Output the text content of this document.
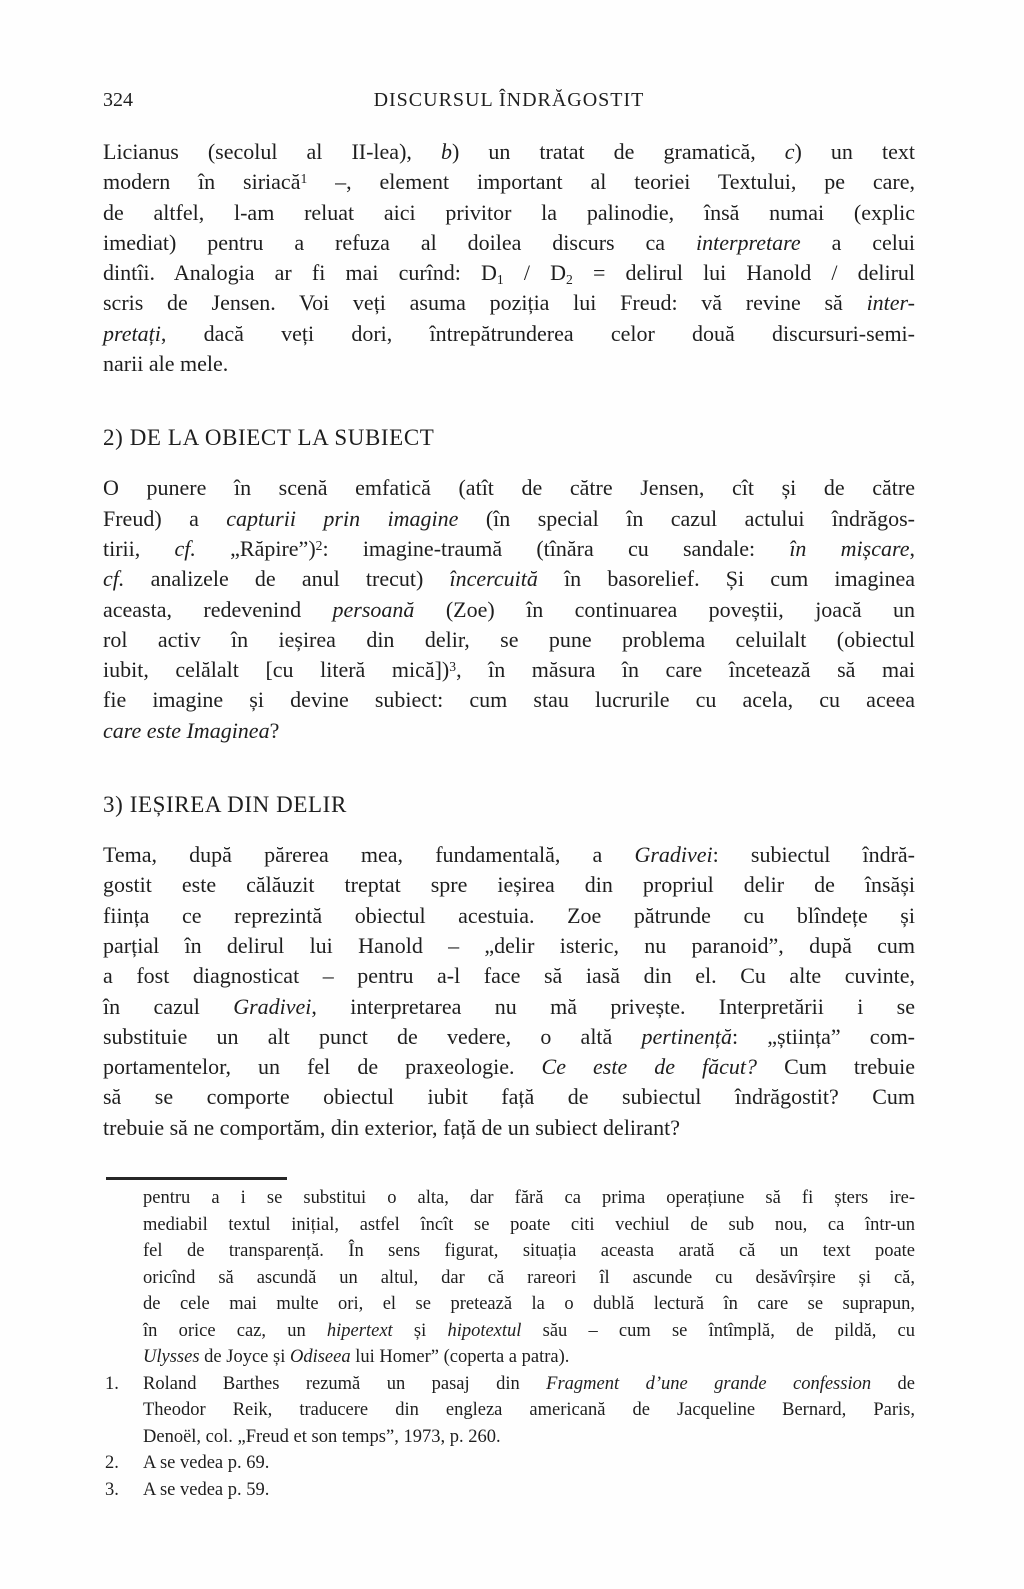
324	DISCURSUL ÎNDRĂGOSTIT
Licianus (secolul al II-lea), b) un tratat de gramatică, c) un text
modern în siriacă$^1$ –, element important al teoriei Textului, pe care,
de altfel, l-am reluat aici privitor la palinodie, însă numai (explic
imediat) pentru a refuza al doilea discurs ca interpretare a celui
dintîi. Analogia ar fi mai curînd: D1 / D2 = delirul lui Hanold / delirul
scris de Jensen. Voi veți asuma poziția lui Freud: vă revine să inter-
pretați, dacă veți dori, întrepătrunderea celor două discursuri-semi-
narii ale mele.
2) DE LA OBIECT LA SUBIECT
O punere în scenă emfatică (atît de către Jensen, cît și de către
Freud) a capturii prin imagine (în special în cazul actului îndrăgos-
tirii, cf. „Răpire”)$^2$: imagine-traumă (tînăra cu sandale: în mișcare,
cf. analizele de anul trecut) încercuită în basorelief. Și cum imaginea
aceasta, redevenind persoană (Zoe) în continuarea poveștii, joacă un
rol activ în ieșirea din delir, se pune problema celuilalt (obiectul
iubit, celălalt [cu literă mică])$^3$, în măsura în care încetează să mai
fie imagine și devine subiect: cum stau lucrurile cu acela, cu aceea
care este Imaginea?
3) IEȘIREA DIN DELIR
Tema, după părerea mea, fundamentală, a Gradivei: subiectul îndră-
gostit este călăuzit treptat spre ieșirea din propriul delir de însăși
ființa ce reprezintă obiectul acestuia. Zoe pătrunde cu blîndețe și
parțial în delirul lui Hanold – „delir isteric, nu paranoid”, după cum
a fost diagnosticat – pentru a-l face să iasă din el. Cu alte cuvinte,
în cazul Gradivei, interpretarea nu mă privește. Interpretării i se
substituie un alt punct de vedere, o altă pertinență: „știința” com-
portamentelor, un fel de praxeologie. Ce este de făcut? Cum trebuie
să se comporte obiectul iubit față de subiectul îndrăgostit? Cum
trebuie să ne comportăm, din exterior, față de un subiect delirant?
pentru a i se substitui o alta, dar fără ca prima operațiune să fi șters ire-
mediabil textul inițial, astfel încît se poate citi vechiul de sub nou, ca într-un
fel de transparență. În sens figurat, situația aceasta arată că un text poate
oricînd să ascundă un altul, dar că rareori îl ascunde cu desăvîrșire și că,
de cele mai multe ori, el se pretează la o dublă lectură în care se suprapun,
în orice caz, un hipertext și hipotextul său – cum se întîmplă, de pildă, cu
Ulysses de Joyce și Odiseea lui Homer” (coperta a patra).
1.	Roland Barthes rezumă un pasaj din Fragment d’une grande confession de
Theodor Reik, traducere din engleza americană de Jacqueline Bernard, Paris,
Denoël, col. „Freud et son temps”, 1973, p. 260.
2.	A se vedea p. 69.
3.	A se vedea p. 59.
